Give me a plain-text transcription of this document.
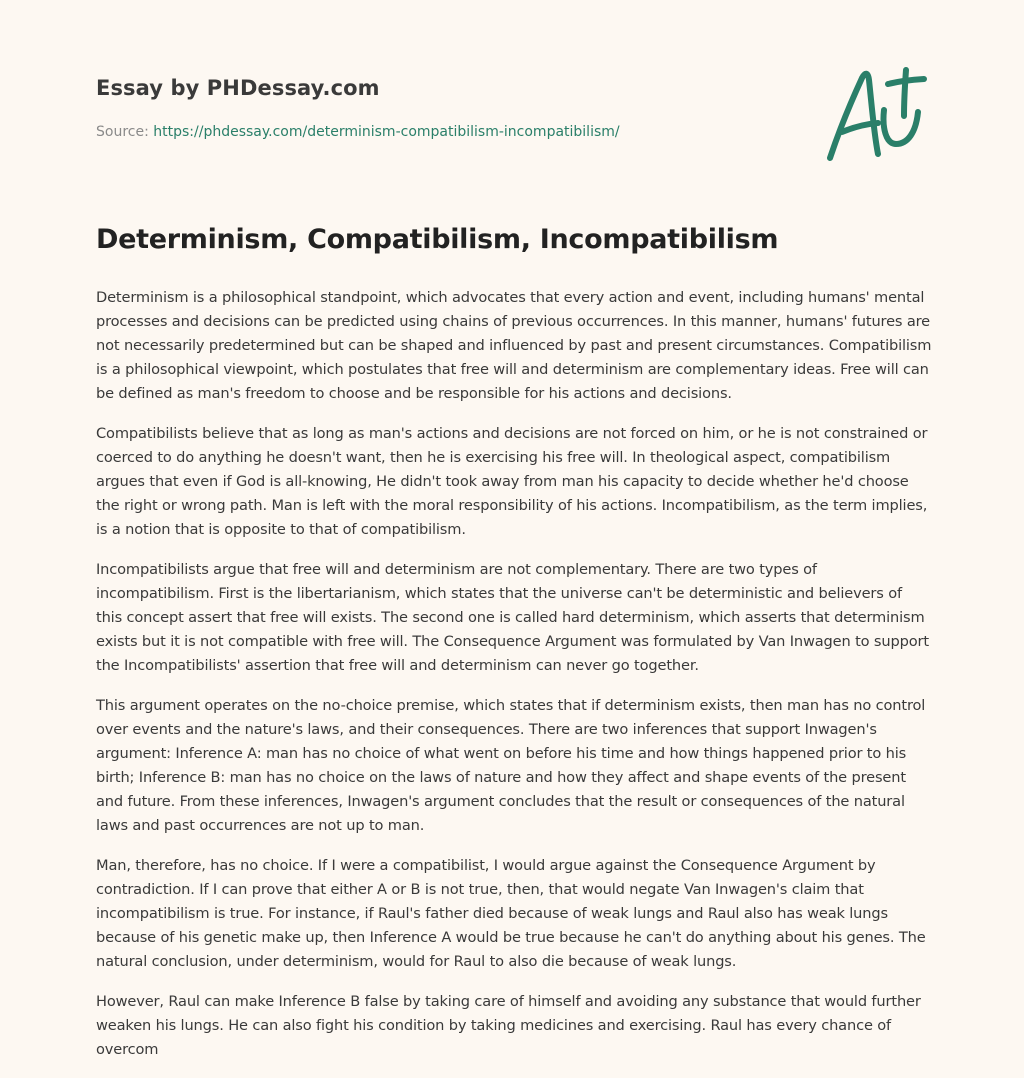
Essay by PHDessay.com

Source: https://phdessay.com/determinism-compatibilism-incompatibilism/

Determinism, Compatibilism, Incompatibilism

Determinism is a philosophical standpoint, which advocates that every action and event, including humans' mental processes and decisions can be predicted using chains of previous occurrences. In this manner, humans' futures are not necessarily predetermined but can be shaped and influenced by past and present circumstances. Compatibilism is a philosophical viewpoint, which postulates that free will and determinism are complementary ideas. Free will can be defined as man's freedom to choose and be responsible for his actions and decisions.

Compatibilists believe that as long as man's actions and decisions are not forced on him, or he is not constrained or coerced to do anything he doesn't want, then he is exercising his free will. In theological aspect, compatibilism argues that even if God is all-knowing, He didn't took away from man his capacity to decide whether he'd choose the right or wrong path. Man is left with the moral responsibility of his actions. Incompatibilism, as the term implies, is a notion that is opposite to that of compatibilism.

Incompatibilists argue that free will and determinism are not complementary. There are two types of incompatibilism. First is the libertarianism, which states that the universe can't be deterministic and believers of this concept assert that free will exists. The second one is called hard determinism, which asserts that determinism exists but it is not compatible with free will. The Consequence Argument was formulated by Van Inwagen to support the Incompatibilists' assertion that free will and determinism can never go together.

This argument operates on the no-choice premise, which states that if determinism exists, then man has no control over events and the nature's laws, and their consequences. There are two inferences that support Inwagen's argument: Inference A: man has no choice of what went on before his time and how things happened prior to his birth; Inference B: man has no choice on the laws of nature and how they affect and shape events of the present and future. From these inferences, Inwagen's argument concludes that the result or consequences of the natural laws and past occurrences are not up to man.

Man, therefore, has no choice. If I were a compatibilist, I would argue against the Consequence Argument by contradiction. If I can prove that either A or B is not true, then, that would negate Van Inwagen's claim that incompatibilism is true. For instance, if Raul's father died because of weak lungs and Raul also has weak lungs because of his genetic make up, then Inference A would be true because he can't do anything about his genes. The natural conclusion, under determinism, would for Raul to also die because of weak lungs.

However, Raul can make Inference B false by taking care of himself and avoiding any substance that would further weaken his lungs. He can also fight his condition by taking medicines and exercising. Raul has every chance of overcom
